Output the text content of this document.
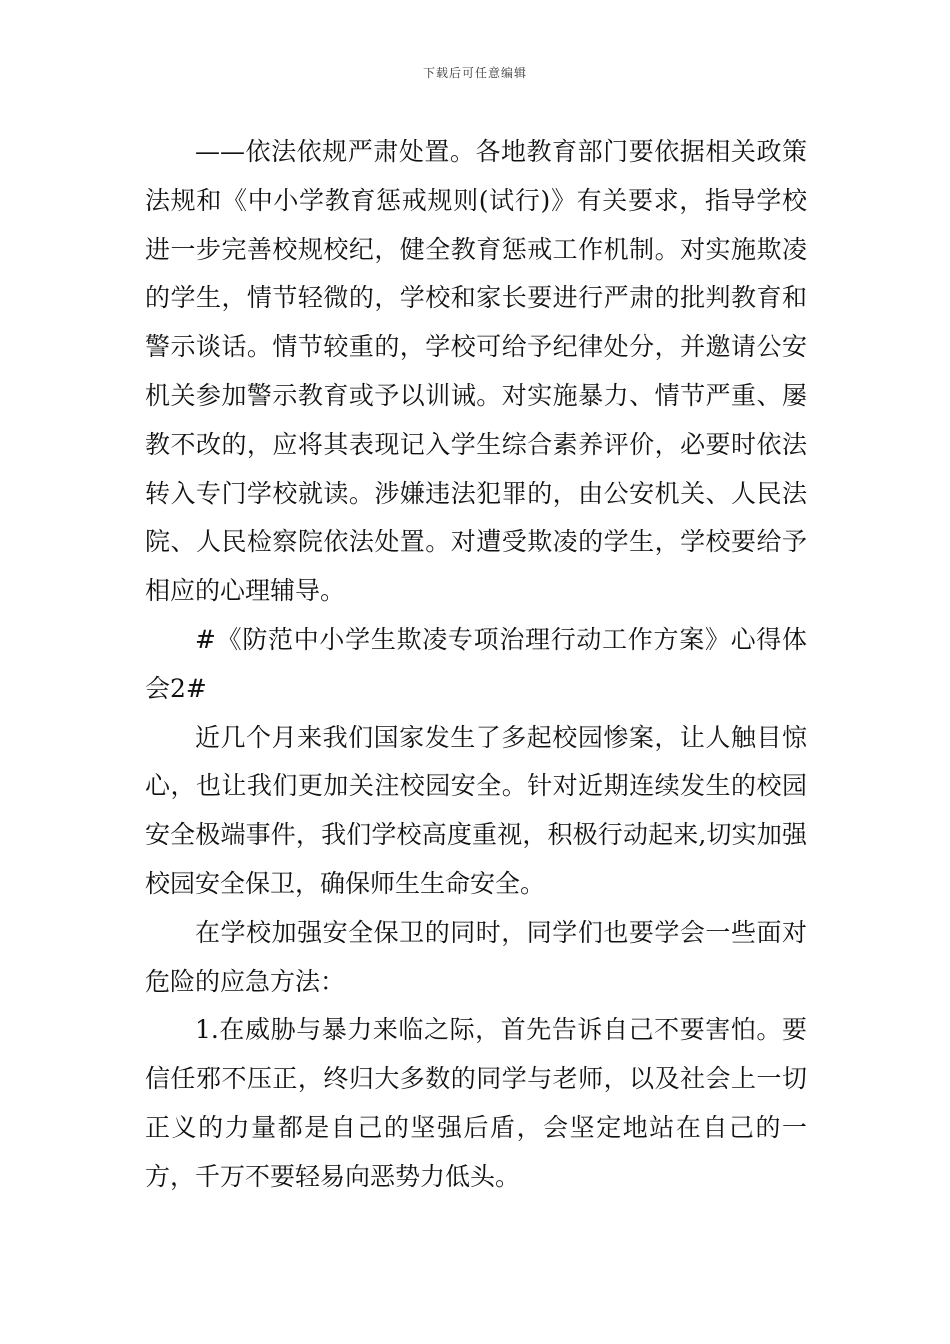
下载后可任意编辑

——依法依规严肃处置。各地教育部门要依据相关政策法规和《中小学教育惩戒规则(试行)》有关要求，指导学校进一步完善校规校纪，健全教育惩戒工作机制。对实施欺凌的学生，情节轻微的，学校和家长要进行严肃的批判教育和警示谈话。情节较重的，学校可给予纪律处分，并邀请公安机关参加警示教育或予以训诫。对实施暴力、情节严重、屡教不改的，应将其表现记入学生综合素养评价，必要时依法转入专门学校就读。涉嫌违法犯罪的，由公安机关、人民法院、人民检察院依法处置。对遭受欺凌的学生，学校要给予相应的心理辅导。

#《防范中小学生欺凌专项治理行动工作方案》心得体会2#

近几个月来我们国家发生了多起校园惨案，让人触目惊心，也让我们更加关注校园安全。针对近期连续发生的校园安全极端事件，我们学校高度重视，积极行动起来,切实加强校园安全保卫，确保师生生命安全。

在学校加强安全保卫的同时，同学们也要学会一些面对危险的应急方法：

1.在威胁与暴力来临之际，首先告诉自己不要害怕。要信任邪不压正，终归大多数的同学与老师，以及社会上一切正义的力量都是自己的坚强后盾，会坚定地站在自己的一方，千万不要轻易向恶势力低头。
